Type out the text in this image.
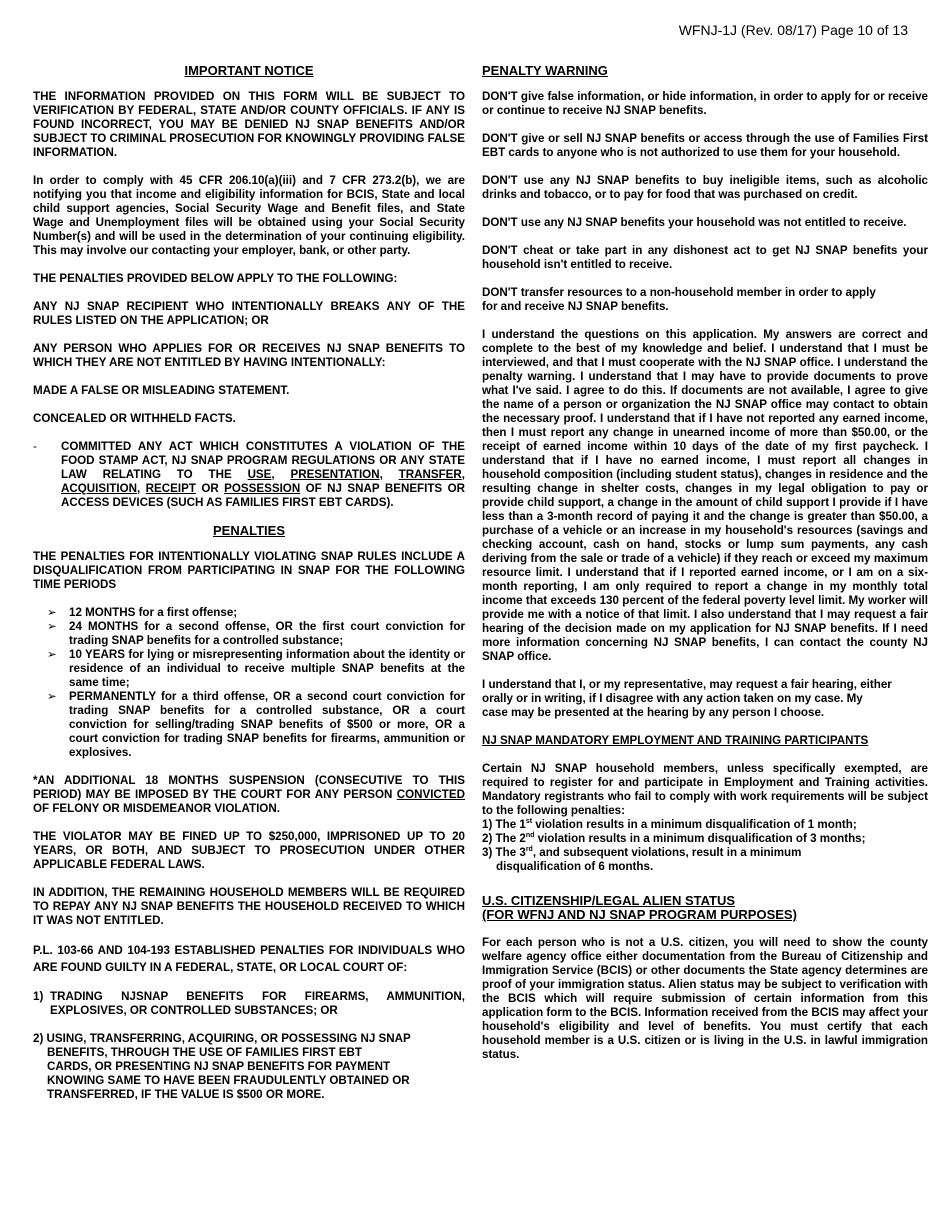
WFNJ-1J (Rev. 08/17) Page 10 of 13
IMPORTANT NOTICE

THE INFORMATION PROVIDED ON THIS FORM WILL BE SUBJECT TO VERIFICATION BY FEDERAL, STATE AND/OR COUNTY OFFICIALS. IF ANY IS FOUND INCORRECT, YOU MAY BE DENIED NJ SNAP BENEFITS AND/OR SUBJECT TO CRIMINAL PROSECUTION FOR KNOWINGLY PROVIDING FALSE INFORMATION.

In order to comply with 45 CFR 206.10(a)(iii) and 7 CFR 273.2(b), we are notifying you that income and eligibility information for BCIS, State and local child support agencies, Social Security Wage and Benefit files, and State Wage and Unemployment files will be obtained using your Social Security Number(s) and will be used in the determination of your continuing eligibility. This may involve our contacting your employer, bank, or other party.

THE PENALTIES PROVIDED BELOW APPLY TO THE FOLLOWING:

ANY NJ SNAP RECIPIENT WHO INTENTIONALLY BREAKS ANY OF THE RULES LISTED ON THE APPLICATION; OR

ANY PERSON WHO APPLIES FOR OR RECEIVES NJ SNAP BENEFITS TO WHICH THEY ARE NOT ENTITLED BY HAVING INTENTIONALLY:

MADE A FALSE OR MISLEADING STATEMENT.

CONCEALED OR WITHHELD FACTS.

-	COMMITTED ANY ACT WHICH CONSTITUTES A VIOLATION OF THE FOOD STAMP ACT, NJ SNAP PROGRAM REGULATIONS OR ANY STATE LAW RELATING TO THE USE, PRESENTATION, TRANSFER, ACQUISITION, RECEIPT OR POSSESSION OF NJ SNAP BENEFITS OR ACCESS DEVICES (SUCH AS FAMILIES FIRST EBT CARDS).
PENALTIES

THE PENALTIES FOR INTENTIONALLY VIOLATING SNAP RULES INCLUDE A DISQUALIFICATION FROM PARTICIPATING IN SNAP FOR THE FOLLOWING TIME PERIODS

➢	12 MONTHS for a first offense;
➢	24 MONTHS for a second offense, OR the first court conviction for trading SNAP benefits for a controlled substance;
➢	10 YEARS for lying or misrepresenting information about the identity or residence of an individual to receive multiple SNAP benefits at the same time;
➢	PERMANENTLY for a third offense, OR a second court conviction for trading SNAP benefits for a controlled substance, OR a court conviction for selling/trading SNAP benefits of $500 or more, OR a court conviction for trading SNAP benefits for firearms, ammunition or explosives.

*AN ADDITIONAL 18 MONTHS SUSPENSION (CONSECUTIVE TO THIS PERIOD) MAY BE IMPOSED BY THE COURT FOR ANY PERSON CONVICTED OF FELONY OR MISDEMEANOR VIOLATION.

THE VIOLATOR MAY BE FINED UP TO $250,000, IMPRISONED UP TO 20 YEARS, OR BOTH, AND SUBJECT TO PROSECUTION UNDER OTHER APPLICABLE FEDERAL LAWS.

IN ADDITION, THE REMAINING HOUSEHOLD MEMBERS WILL BE REQUIRED TO REPAY ANY NJ SNAP BENEFITS THE HOUSEHOLD RECEIVED TO WHICH IT WAS NOT ENTITLED.

P.L. 103-66 AND 104-193 ESTABLISHED PENALTIES FOR INDIVIDUALS WHO ARE FOUND GUILTY IN A FEDERAL, STATE, OR LOCAL COURT OF:

1) TRADING NJSNAP BENEFITS FOR FIREARMS, AMMUNITION, EXPLOSIVES, OR CONTROLLED SUBSTANCES; OR
2) USING, TRANSFERRING, ACQUIRING, OR POSSESSING NJ SNAP
BENEFITS, THROUGH THE USE OF FAMILIES FIRST EBT
CARDS, OR PRESENTING NJ SNAP BENEFITS FOR PAYMENT
KNOWING SAME TO HAVE BEEN FRAUDULENTLY OBTAINED OR
TRANSFERRED, IF THE VALUE IS $500 OR MORE.
PENALTY WARNING

DON'T give false information, or hide information, in order to apply for or receive or continue to receive NJ SNAP benefits.

DON'T give or sell NJ SNAP benefits or access through the use of Families First EBT cards to anyone who is not authorized to use them for your household.

DON'T use any NJ SNAP benefits to buy ineligible items, such as alcoholic drinks and tobacco, or to pay for food that was purchased on credit.

DON'T use any NJ SNAP benefits your household was not entitled to receive.

DON'T cheat or take part in any dishonest act to get NJ SNAP benefits your household isn't entitled to receive.

DON'T transfer resources to a non-household member in order to apply
for and receive NJ SNAP benefits.

I understand the questions on this application. My answers are correct and complete to the best of my knowledge and belief. I understand that I must be interviewed, and that I must cooperate with the NJ SNAP office. I understand the penalty warning. I understand that I may have to provide documents to prove what I've said. I agree to do this. If documents are not available, I agree to give the name of a person or organization the NJ SNAP office may contact to obtain the necessary proof. I understand that if I have not reported any earned income, then I must report any change in unearned income of more than $50.00, or the receipt of earned income within 10 days of the date of my first paycheck. I understand that if I have no earned income, I must report all changes in household composition (including student status), changes in residence and the resulting change in shelter costs, changes in my legal obligation to pay or provide child support, a change in the amount of child support I provide if I have less than a 3-month record of paying it and the change is greater than $50.00, a purchase of a vehicle or an increase in my household's resources (savings and checking account, cash on hand, stocks or lump sum payments, any cash deriving from the sale or trade of a vehicle) if they reach or exceed my maximum resource limit. I understand that if I reported earned income, or I am on a six-month reporting, I am only required to report a change in my monthly total income that exceeds 130 percent of the federal poverty level limit. My worker will provide me with a notice of that limit. I also understand that I may request a fair hearing of the decision made on my application for NJ SNAP benefits. If I need more information concerning NJ SNAP benefits, I can contact the county NJ SNAP office.

I understand that I, or my representative, may request a fair hearing, either
orally or in writing, if I disagree with any action taken on my case. My
case may be presented at the hearing by any person I choose.

NJ SNAP MANDATORY EMPLOYMENT AND TRAINING PARTICIPANTS

Certain NJ SNAP household members, unless specifically exempted, are required to register for and participate in Employment and Training activities. Mandatory registrants who fail to comply with work requirements will be subject to the following penalties:

1) The 1st violation results in a minimum disqualification of 1 month;
2) The 2nd violation results in a minimum disqualification of 3 months;
3) The 3rd, and subsequent violations, result in a minimum
disqualification of 6 months.
U.S. CITIZENSHIP/LEGAL ALIEN STATUS
(FOR WFNJ AND NJ SNAP PROGRAM PURPOSES)

For each person who is not a U.S. citizen, you will need to show the county welfare agency office either documentation from the Bureau of Citizenship and Immigration Service (BCIS) or other documents the State agency determines are proof of your immigration status. Alien status may be subject to verification with the BCIS which will require submission of certain information from this application form to the BCIS. Information received from the BCIS may affect your household's eligibility and level of benefits. You must certify that each household member is a U.S. citizen or is living in the U.S. in lawful immigration status.
